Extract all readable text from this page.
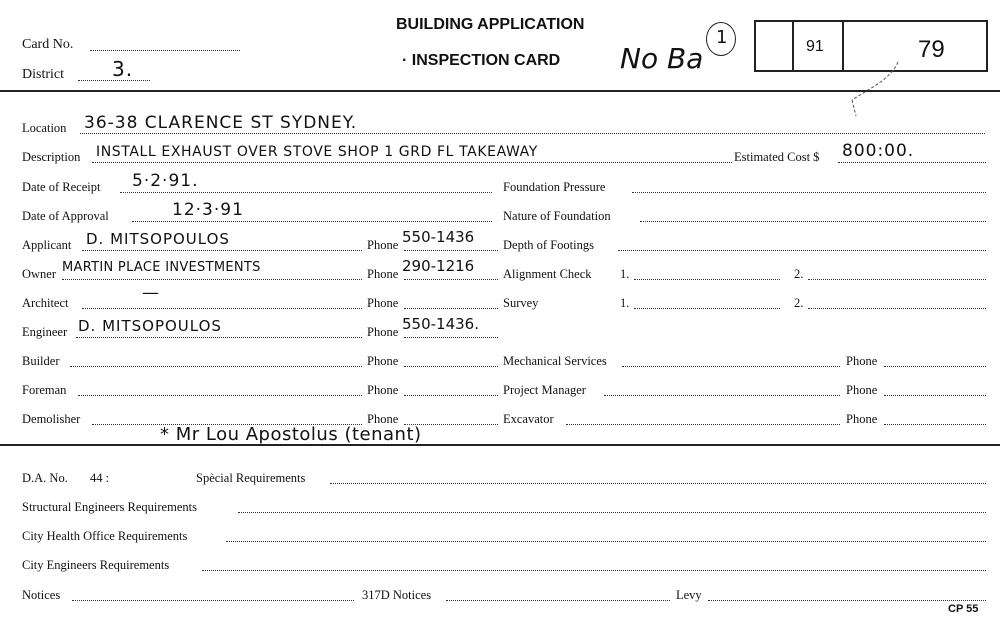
Card No.
District 3.
BUILDING APPLICATION
· INSPECTION CARD No Ba
1	91	79
Location 36-38 CLARENCE ST SYDNEY.
Description INSTALL EXHAUST OVER STOVE SHOP 1 GRD FL TAKEAWAY	Estimated Cost $ 800:00.
Date of Receipt 5·2·91.
Date of Approval	12·3·91
Applicant D. MITSOPOULOS	Phone 550-1436
Owner MARTIN PLACE INVESTMENTS	Phone 290-1216
Architect	—	Phone
Engineer D. MITSOPOULOS	Phone 550-1436.
Builder	Phone
Foreman	Phone
Demolisher	Phone
Foundation Pressure
Nature of Foundation
Depth of Footings
Alignment Check 1.	2.
Survey	1.	2.
Mechanical Services	Phone
Project Manager	Phone
Excavator	Phone
* Mr Lou Apostolus (tenant)
D.A. No. 44 :	Spècial Requirements
Structural Engineers Requirements
City Health Office Requirements
City Engineers Requirements
Notices	317D Notices	Levy
CP 55
